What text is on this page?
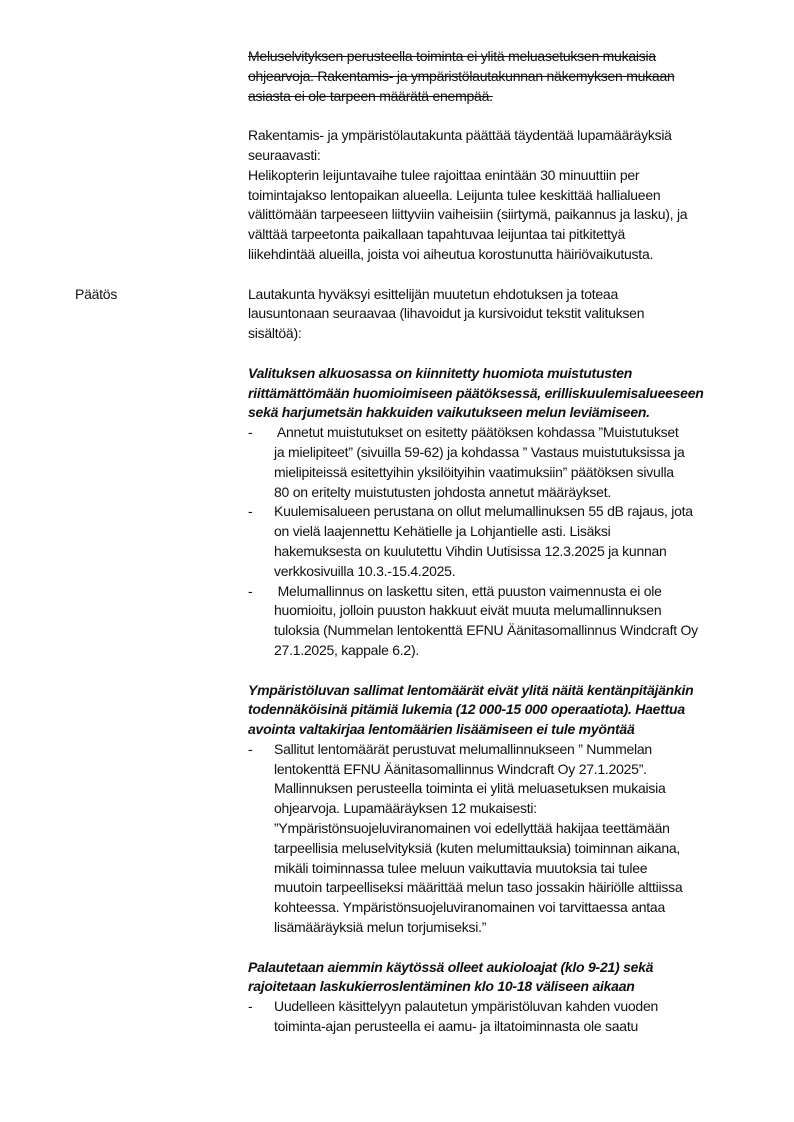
Meluselvityksen perusteella toiminta ei ylitä meluasetuksen mukaisia
ohjearvoja. Rakentamis- ja ympäristölautakunnan näkemyksen mukaan
asiasta ei ole tarpeen määrätä enempää.
Rakentamis- ja ympäristölautakunta päättää täydentää lupamääräyksiä
seuraavasti:
Helikopterin leijuntavaihe tulee rajoittaa enintään 30 minuuttiin per
toimintajakso lentopaikan alueella. Leijunta tulee keskittää hallialueen
välittömään tarpeeseen liittyviin vaiheisiin (siirtymä, paikannus ja lasku), ja
välttää tarpeetonta paikallaan tapahtuvaa leijuntaa tai pitkitettyä
liikehdintää alueilla, joista voi aiheutua korostunutta häiriövaikutusta.
Päätös	Lautakunta hyväksyi esittelijän muutetun ehdotuksen ja toteaa
lausuntonaan seuraavaa (lihavoidut ja kursivoidut tekstit valituksen
sisältöä):
Valituksen alkuosassa on kiinnitetty huomiota muistutusten
riittämättömään huomioimiseen päätöksessä, erilliskuulemisalueeseen
sekä harjumetsän hakkuiden vaikutukseen melun leviämiseen.
- Annetut muistutukset on esitetty päätöksen kohdassa ”Muistutukset
ja mielipiteet” (sivuilla 59-62) ja kohdassa ” Vastaus muistutuksissa ja
mielipiteissä esitettyihin yksilöityihin vaatimuksiin” päätöksen sivulla
80 on eritelty muistutusten johdosta annetut määräykset.
- Kuulemisalueen perustana on ollut melumallinuksen 55 dB rajaus, jota
on vielä laajennettu Kehätielle ja Lohjantielle asti. Lisäksi
hakemuksesta on kuulutettu Vihdin Uutisissa 12.3.2025 ja kunnan
verkkosivuilla 10.3.-15.4.2025.
- Melumallinnus on laskettu siten, että puuston vaimennusta ei ole
huomioitu, jolloin puuston hakkuut eivät muuta melumallinnuksen
tuloksia (Nummelan lentokenttä EFNU Äänitasomallinnus Windcraft Oy
27.1.2025, kappale 6.2).
Ympäristöluvan sallimat lentomäärät eivät ylitä näitä kentänpitäjänkin
todennäköisinä pitämiä lukemia (12 000-15 000 operaatiota). Haettua
avointa valtakirjaa lentomäärien lisäämiseen ei tule myöntää
- Sallitut lentomäärät perustuvat melumallinnukseen ” Nummelan
lentokenttä EFNU Äänitasomallinnus Windcraft Oy 27.1.2025”.
Mallinnuksen perusteella toiminta ei ylitä meluasetuksen mukaisia
ohjearvoja. Lupamääräyksen 12 mukaisesti:
”Ympäristönsuojeluviranomainen voi edellyttää hakijaa teettämään
tarpeellisia meluselvityksiä (kuten melumittauksia) toiminnan aikana,
mikäli toiminnassa tulee meluun vaikuttavia muutoksia tai tulee
muutoin tarpeelliseksi määrittää melun taso jossakin häiriölle alttiissa
kohteessa. Ympäristönsuojeluviranomainen voi tarvittaessa antaa
lisämääräyksiä melun torjumiseksi.”
Palautetaan aiemmin käytössä olleet aukioloajat (klo 9-21) sekä
rajoitetaan laskukierroslentäminen klo 10-18 väliseen aikaan
- Uudelleen käsittelyyn palautetun ympäristöluvan kahden vuoden
toiminta-ajan perusteella ei aamu- ja iltatoiminnasta ole saatu
